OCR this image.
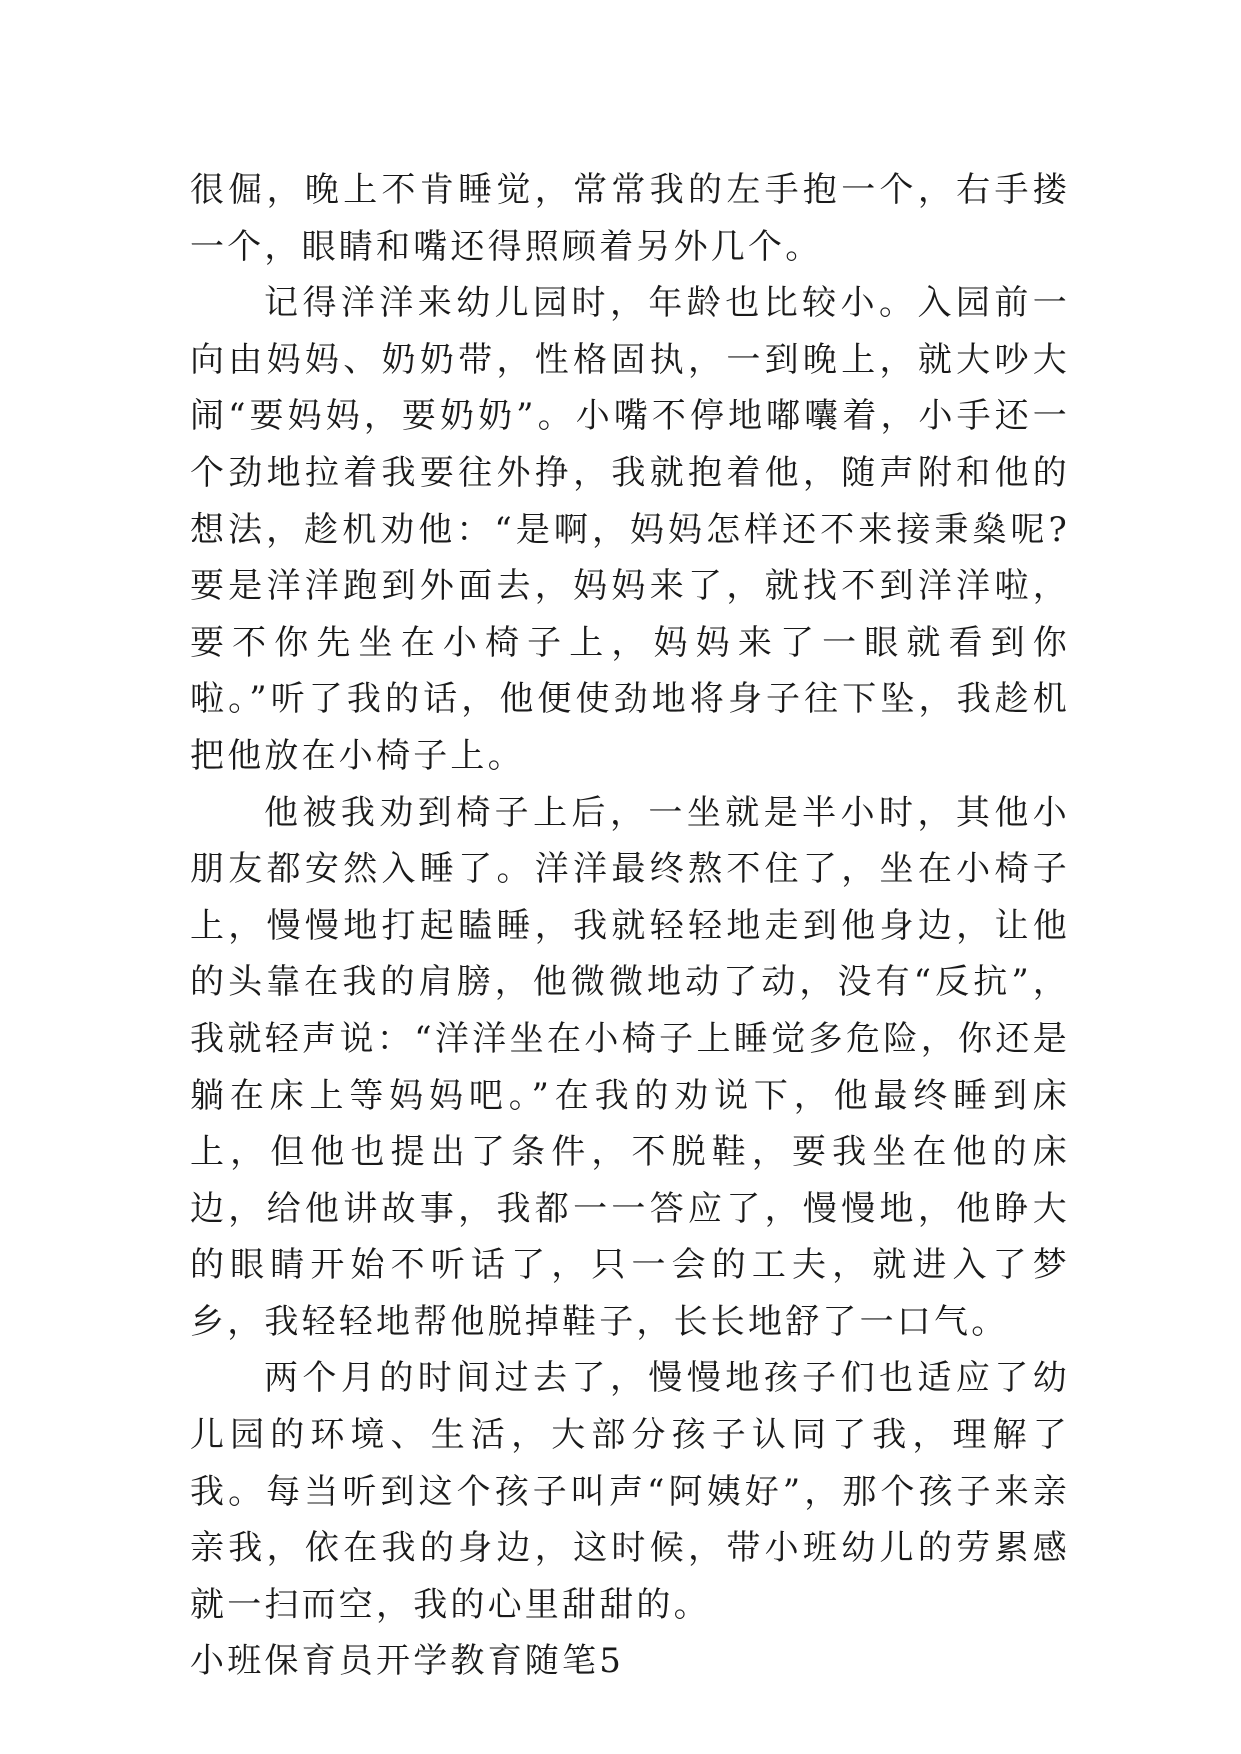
很倔，晚上不肯睡觉，常常我的左手抱一个，右手搂一个，眼睛和嘴还得照顾着另外几个。

记得洋洋来幼儿园时，年龄也比较小。入园前一向由妈妈、奶奶带，性格固执，一到晚上，就大吵大闹“要妈妈，要奶奶”。小嘴不停地嘟囔着，小手还一个劲地拉着我要往外挣，我就抱着他，随声附和他的想法，趁机劝他：“是啊，妈妈怎样还不来接秉燊呢?要是洋洋跑到外面去，妈妈来了，就找不到洋洋啦，要不你先坐在小椅子上，妈妈来了一眼就看到你啦。”听了我的话，他便使劲地将身子往下坠，我趁机把他放在小椅子上。

他被我劝到椅子上后，一坐就是半小时，其他小朋友都安然入睡了。洋洋最终熬不住了，坐在小椅子上，慢慢地打起瞌睡，我就轻轻地走到他身边，让他的头靠在我的肩膀，他微微地动了动，没有“反抗”，我就轻声说：“洋洋坐在小椅子上睡觉多危险，你还是躺在床上等妈妈吧。”在我的劝说下，他最终睡到床上，但他也提出了条件，不脱鞋，要我坐在他的床边，给他讲故事，我都一一答应了，慢慢地，他睁大的眼睛开始不听话了，只一会的工夫，就进入了梦乡，我轻轻地帮他脱掉鞋子，长长地舒了一口气。

两个月的时间过去了，慢慢地孩子们也适应了幼儿园的环境、生活，大部分孩子认同了我，理解了我。每当听到这个孩子叫声“阿姨好”，那个孩子来亲亲我，依在我的身边，这时候，带小班幼儿的劳累感就一扫而空，我的心里甜甜的。

小班保育员开学教育随笔5
